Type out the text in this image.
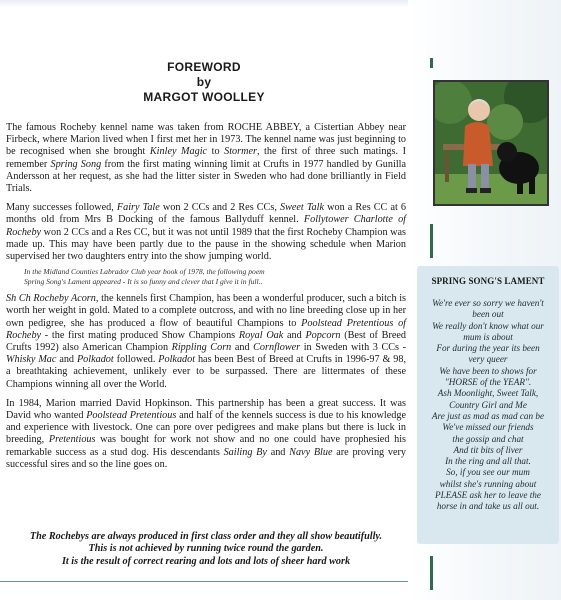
FOREWORD
by
MARGOT WOOLLEY

The famous Rocheby kennel name was taken from ROCHE ABBEY, a Cistertian Abbey near Firbeck, where Marion lived when I first met her in 1973. The kennel name was just beginning to be recognised when she brought Kinley Magic to Stormer, the first of three such matings. I remember Spring Song from the first mating winning limit at Crufts in 1977 handled by Gunilla Andersson at her request, as she had the litter sister in Sweden who had done brilliantly in Field Trials.

Many successes followed, Fairy Tale won 2 CCs and 2 Res CCs, Sweet Talk won a Res CC at 6 months old from Mrs B Docking of the famous Ballyduff kennel. Follytower Charlotte of Rocheby won 2 CCs and a Res CC, but it was not until 1989 that the first Rocheby Champion was made up. This may have been partly due to the pause in the showing schedule when Marion supervised her two daughters entry into the show jumping world.

In the Midland Counties Labrador Club year book of 1978, the following poem
Spring Song's Lament appeared - It is so funny and clever that I give it in full..

Sh Ch Rocheby Acorn, the kennels first Champion, has been a wonderful producer, such a bitch is worth her weight in gold. Mated to a complete outcross, and with no line breeding close up in her own pedigree, she has produced a flow of beautiful Champions to Poolstead Pretentious of Rocheby - the first mating produced Show Champions Royal Oak and Popcorn (Best of Breed Crufts 1992) also American Champion Rippling Corn and Cornflower in Sweden with 3 CCs - Whisky Mac and Polkadot followed. Polkadot has been Best of Breed at Crufts in 1996-97 & 98, a breathtaking achievement, unlikely ever to be surpassed. There are littermates of these Champions winning all over the World.

In 1984, Marion married David Hopkinson. This partnership has been a great success. It was David who wanted Poolstead Pretentious and half of the kennels success is due to his knowledge and experience with livestock. One can pore over pedigrees and make plans but there is luck in breeding, Pretentious was bought for work not show and no one could have prophesied his remarkable success as a stud dog. His descendants Sailing By and Navy Blue are proving very successful sires and so the line goes on.

The Rochebys are always produced in first class order and they all show beautifully.
This is not achieved by running twice round the garden.
It is the result of correct rearing and lots and lots of sheer hard work
SPRING SONG'S LAMENT
We're ever so sorry we haven't
been out
We really don't know what our
mum is about
For during the year its been
very queer
We have been to shows for
"HORSE of the YEAR".
Ash Moonlight, Sweet Talk,
Country Girl and Me
Are just as mad as mad can be
We've missed our friends
the gossip and chat
And tit bits of liver
In the ring and all that.
So, if you see our mum
whilst she's running about
PLEASE ask her to leave the
horse in and take us all out.
